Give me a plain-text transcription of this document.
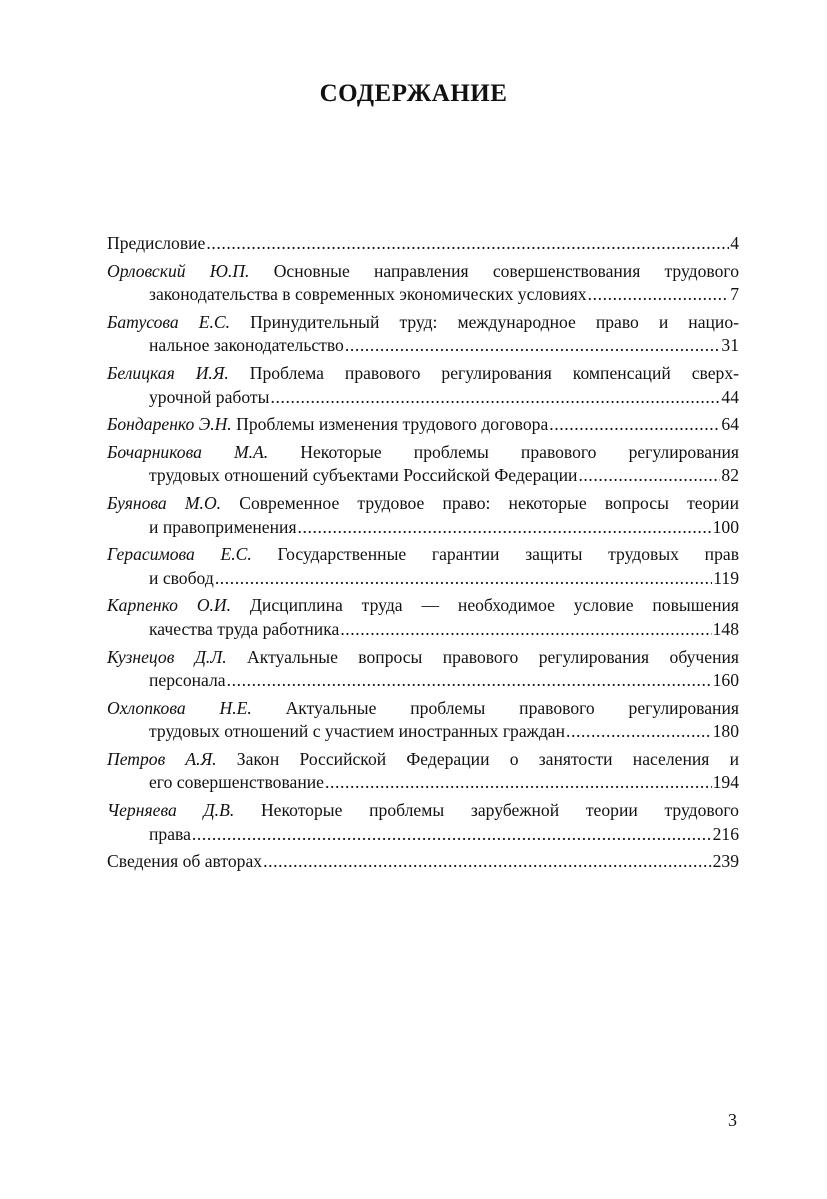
СОДЕРЖАНИЕ
Предисловие .....	4
Орловский Ю.П. Основные направления совершенствования трудового
законодательства в современных экономических условиях .....	7
Батусова Е.С. Принудительный труд: международное право и нацио-
нальное законодательство .....	31
Белицкая И.Я. Проблема правового регулирования компенсаций сверх-
урочной работы .....	44
Бондаренко Э.Н. Проблемы изменения трудового договора .....	64
Бочарникова М.А. Некоторые проблемы правового регулирования
трудовых отношений субъектами Российской Федерации .....	82
Буянова М.О. Современное трудовое право: некоторые вопросы теории
и правоприменения .....	100
Герасимова Е.С. Государственные гарантии защиты трудовых прав
и свобод .....	119
Карпенко О.И. Дисциплина труда — необходимое условие повышения
качества труда работника .....	148
Кузнецов Д.Л. Актуальные вопросы правового регулирования обучения
персонала .....	160
Охлопкова Н.Е. Актуальные проблемы правового регулирования
трудовых отношений с участием иностранных граждан .....	180
Петров А.Я. Закон Российской Федерации о занятости населения и
его совершенствование .....	194
Черняева Д.В. Некоторые проблемы зарубежной теории трудового
права .....	216
Сведения об авторах .....	239
3
